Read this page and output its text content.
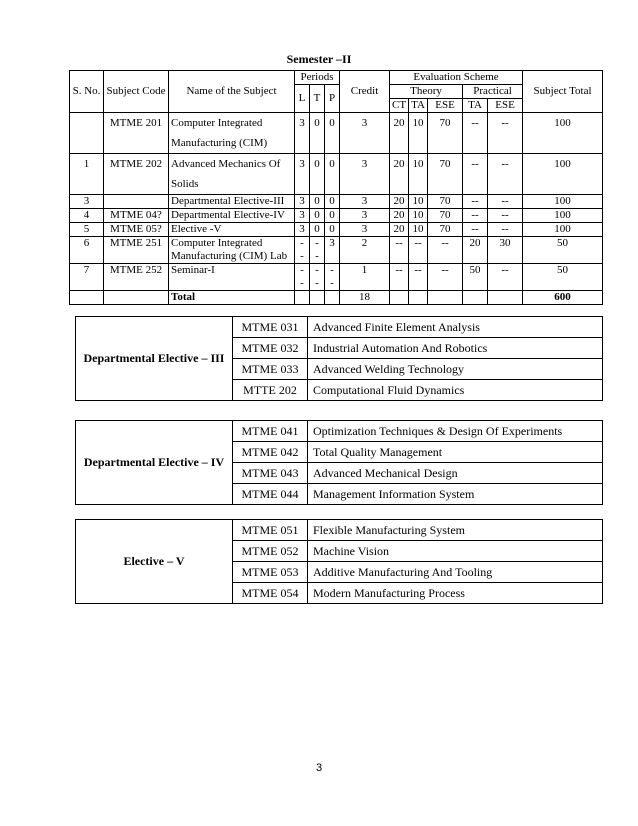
Semester –II
S. No.	Subject Code	Name of the Subject	Periods			Credit	Evaluation Scheme					Subject Total
			L	T	P		Theory			Practical		
							CT	TA	ESE	TA	ESE	
	MTME 201	Computer Integrated Manufacturing (CIM)	3	0	0	3	20	10	70	--	--	100
1	MTME 202	Advanced Mechanics Of Solids	3	0	0	3	20	10	70	--	--	100
3		Departmental Elective-III	3	0	0	3	20	10	70	--	--	100
4	MTME 04?	Departmental Elective-IV	3	0	0	3	20	10	70	--	--	100
5	MTME 05?	Elective -V	3	0	0	3	20	10	70	--	--	100
6	MTME 251	Computer Integrated Manufacturing (CIM) Lab	- -	- -	3	2	--	--	--	20	30	50
7	MTME 252	Seminar-I	- -	- -	- -	1	--	--	--	50	--	50
		Total				18						600
Departmental Elective – III	MTME 031	Advanced Finite Element Analysis
	MTME 032	Industrial Automation And Robotics
	MTME 033	Advanced Welding Technology
	MTTE 202	Computational Fluid Dynamics
Departmental Elective – IV	MTME 041	Optimization Techniques & Design Of Experiments
	MTME 042	Total Quality Management
	MTME 043	Advanced Mechanical Design
	MTME 044	Management Information System
Elective – V	MTME 051	Flexible Manufacturing System
	MTME 052	Machine Vision
	MTME 053	Additive Manufacturing And Tooling
	MTME 054	Modern Manufacturing Process
3
